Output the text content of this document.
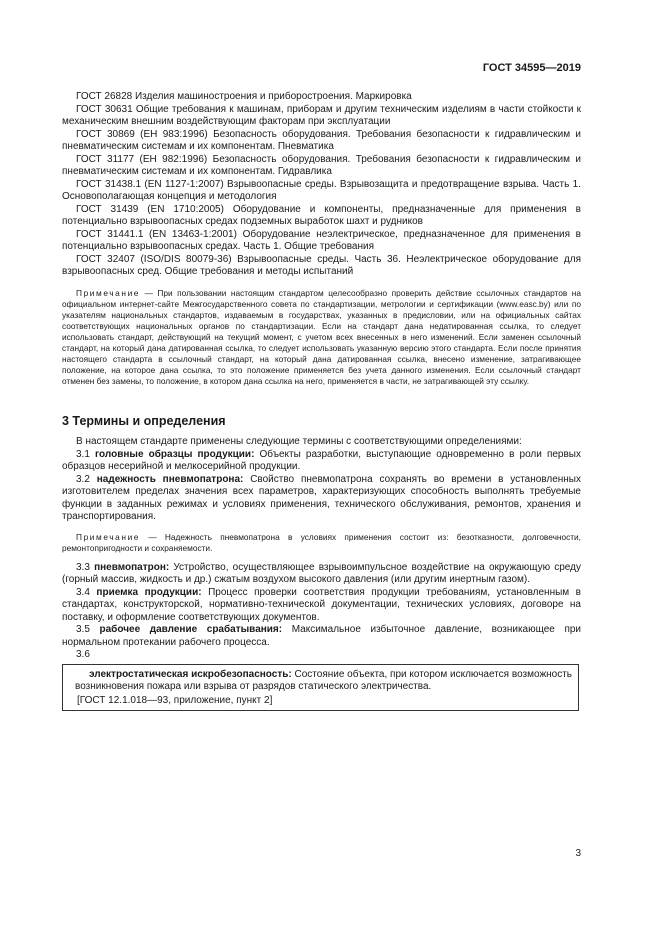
ГОСТ 34595—2019

ГОСТ 26828 Изделия машиностроения и приборостроения. Маркировка

ГОСТ 30631 Общие требования к машинам, приборам и другим техническим изделиям в части стойкости к механическим внешним воздействующим факторам при эксплуатации

ГОСТ 30869 (ЕН 983:1996) Безопасность оборудования. Требования безопасности к гидравлическим и пневматическим системам и их компонентам. Пневматика

ГОСТ 31177 (ЕН 982:1996) Безопасность оборудования. Требования безопасности к гидравлическим и пневматическим системам и их компонентам. Гидравлика

ГОСТ 31438.1 (EN 1127-1:2007) Взрывоопасные среды. Взрывозащита и предотвращение взрыва. Часть 1. Основополагающая концепция и методология

ГОСТ 31439 (EN 1710:2005) Оборудование и компоненты, предназначенные для применения в потенциально взрывоопасных средах подземных выработок шахт и рудников

ГОСТ 31441.1 (EN 13463-1:2001) Оборудование неэлектрическое, предназначенное для применения в потенциально взрывоопасных средах. Часть 1. Общие требования

ГОСТ 32407 (ISO/DIS 80079-36) Взрывоопасные среды. Часть 36. Неэлектрическое оборудование для взрывоопасных сред. Общие требования и методы испытаний

Примечание — При пользовании настоящим стандартом целесообразно проверить действие ссылочных стандартов на официальном интернет-сайте Межгосударственного совета по стандартизации, метрологии и сертификации (www.easc.by) или по указателям национальных стандартов, издаваемым в государствах, указанных в предисловии, или на официальных сайтах соответствующих национальных органов по стандартизации. Если на стандарт дана недатированная ссылка, то следует использовать стандарт, действующий на текущий момент, с учетом всех внесенных в него изменений. Если заменен ссылочный стандарт, на который дана датированная ссылка, то следует использовать указанную версию этого стандарта. Если после принятия настоящего стандарта в ссылочный стандарт, на который дана датированная ссылка, внесено изменение, затрагивающее положение, на которое дана ссылка, то это положение применяется без учета данного изменения. Если ссылочный стандарт отменен без замены, то положение, в котором дана ссылка на него, применяется в части, не затрагивающей эту ссылку.

3 Термины и определения

В настоящем стандарте применены следующие термины с соответствующими определениями:

3.1 головные образцы продукции: Объекты разработки, выступающие одновременно в роли первых образцов несерийной и мелкосерийной продукции.

3.2 надежность пневмопатрона: Свойство пневмопатрона сохранять во времени в установленных изготовителем пределах значения всех параметров, характеризующих способность выполнять требуемые функции в заданных режимах и условиях применения, технического обслуживания, ремонтов, хранения и транспортирования.

Примечание — Надежность пневмопатрона в условиях применения состоит из: безотказности, долговечности, ремонтопригодности и сохраняемости.

3.3 пневмопатрон: Устройство, осуществляющее взрывоимпульсное воздействие на окружающую среду (горный массив, жидкость и др.) сжатым воздухом высокого давления (или другим инертным газом).

3.4 приемка продукции: Процесс проверки соответствия продукции требованиям, установленным в стандартах, конструкторской, нормативно-технической документации, технических условиях, договоре на поставку, и оформление соответствующих документов.

3.5 рабочее давление срабатывания: Максимальное избыточное давление, возникающее при нормальном протекании рабочего процесса.

3.6

электростатическая искробезопасность: Состояние объекта, при котором исключается возможность возникновения пожара или взрыва от разрядов статического электричества.

[ГОСТ 12.1.018—93, приложение, пункт 2]

3
